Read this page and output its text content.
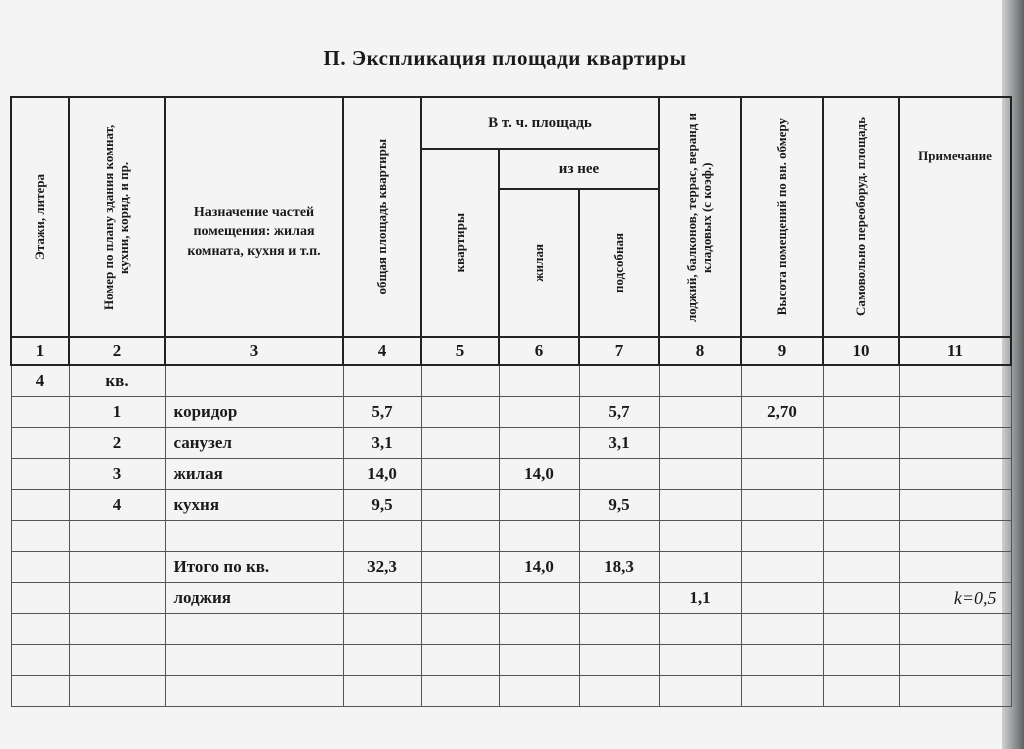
П. Экспликация площади квартиры
Этажи, литера	Номер по плану здания комнат, кухни, корид. и пр.	Назначение частей помещения: жилая комната, кухня и т.п.	общая площадь квартиры	В т. ч. площадь			лоджий, балконов, террас, веранд и кладовых (с коэф.)	Высота помещений по вн. обмеру	Самовольно переоборуд. площадь	Примечание

				квартиры	из нее					

					жилая	подсобная				

1	2	3	4	5	6	7	8	9	10	11
4	кв.									
	1	коридор	5,7			5,7		2,70		
	2	санузел	3,1			3,1				
	3	жилая	14,0		14,0					
	4	кухня	9,5			9,5				

		Итого по кв.	32,3		14,0	18,3				
		лоджия					1,1			k=0,5
